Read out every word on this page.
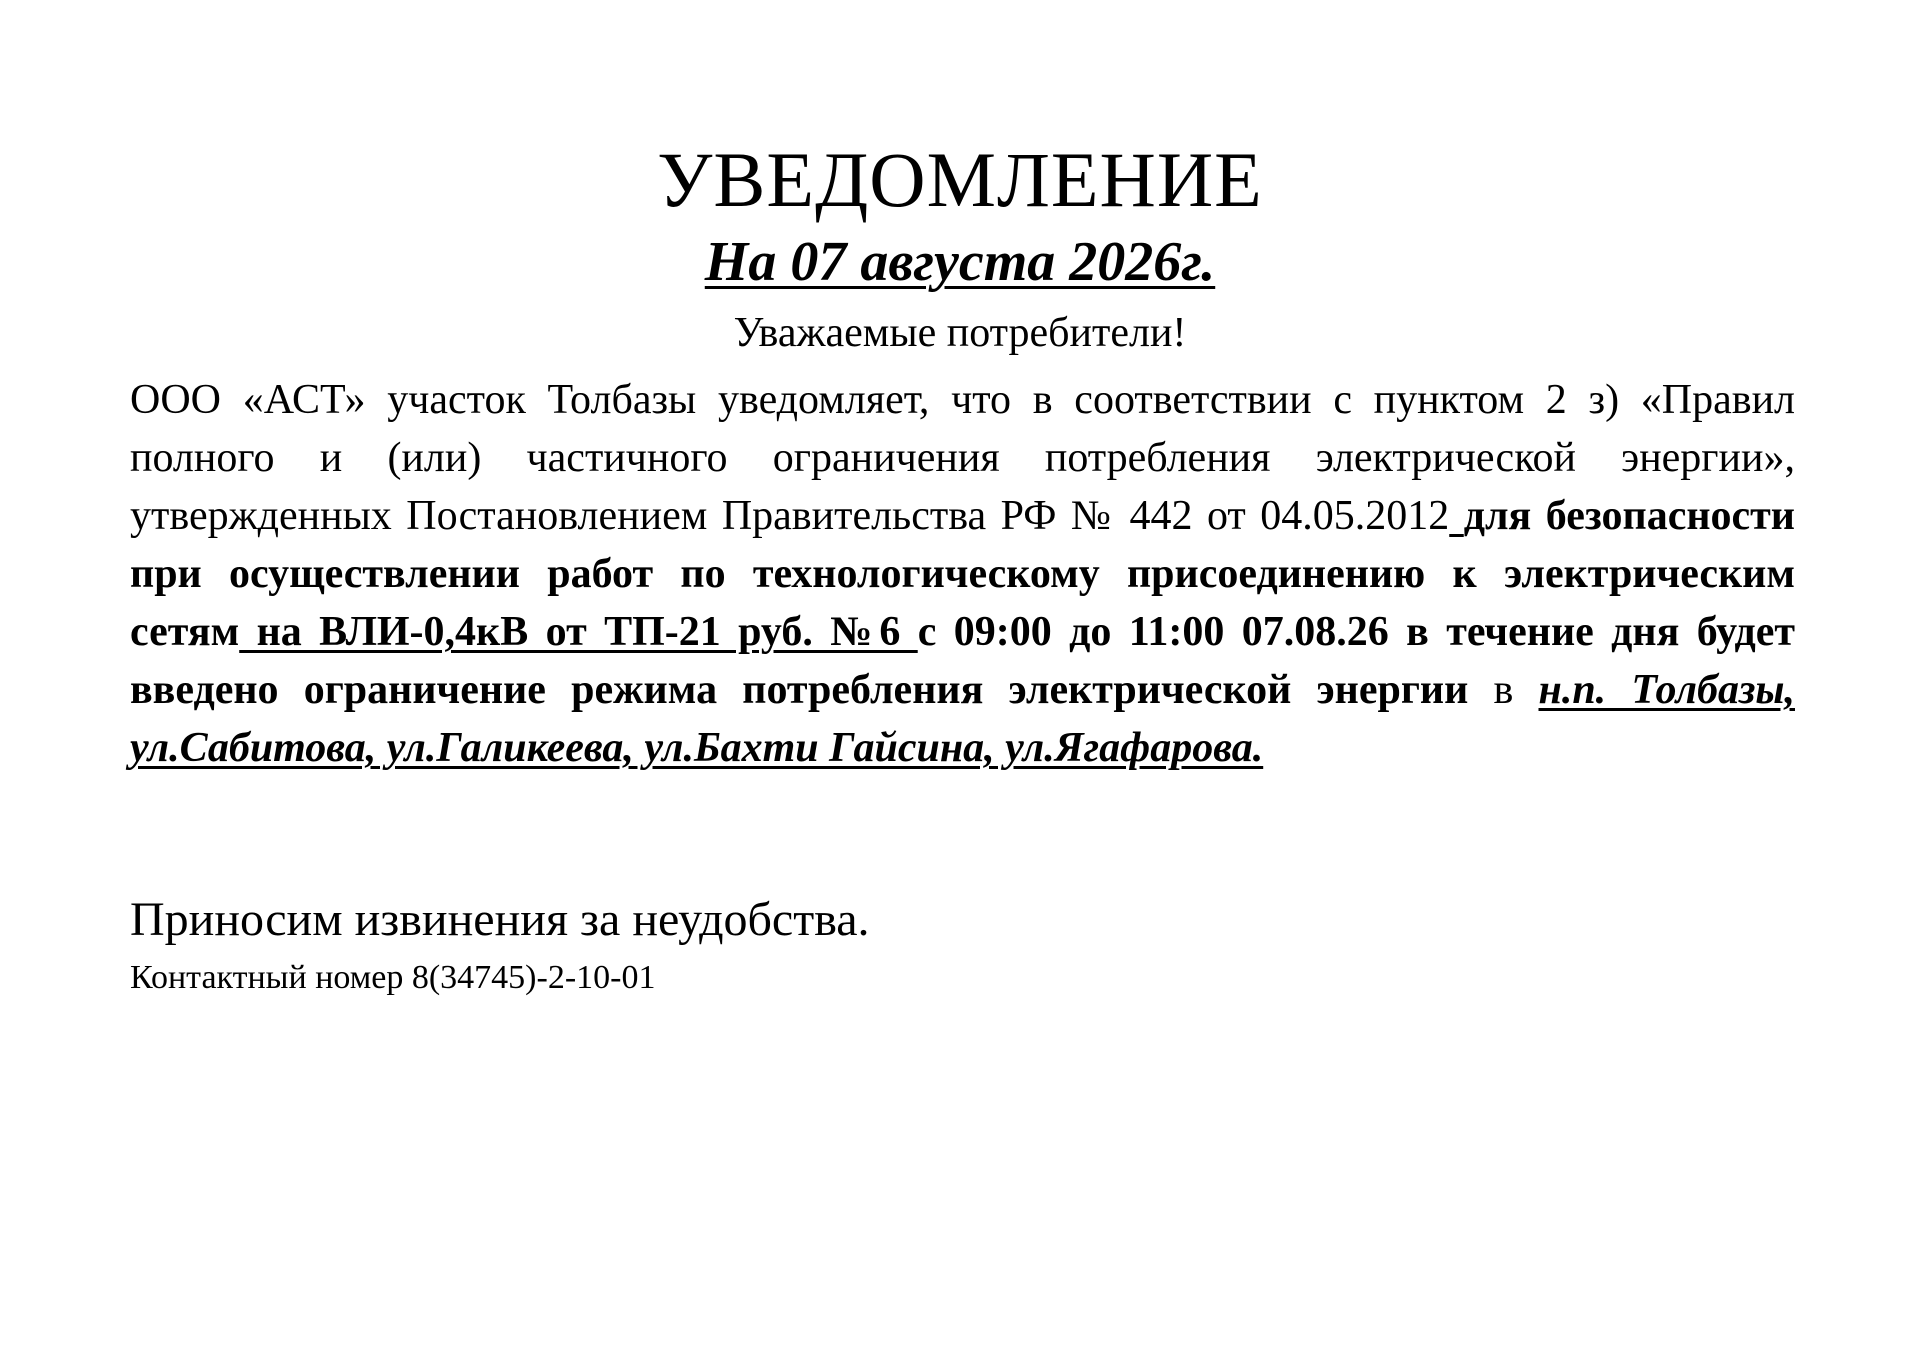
УВЕДОМЛЕНИЕ

На 07 августа 2026г.

Уважаемые потребители!

ООО «АСТ» участок Толбазы уведомляет, что в соответствии с пунктом 2 з) «Правил полного и (или) частичного ограничения потребления электрической энергии», утвержденных Постановлением Правительства РФ № 442 от 04.05.2012 для безопасности при осуществлении работ по технологическому присоединению к электрическим сетям на ВЛИ-0,4кВ от ТП-21 руб. №6 с 09:00 до 11:00 07.08.26 в течение дня будет введено ограничение режима потребления электрической энергии в н.п. Толбазы, ул.Сабитова, ул.Галикеева, ул.Бахти Гайсина, ул.Ягафарова.

Приносим извинения за неудобства.

Контактный номер 8(34745)-2-10-01
